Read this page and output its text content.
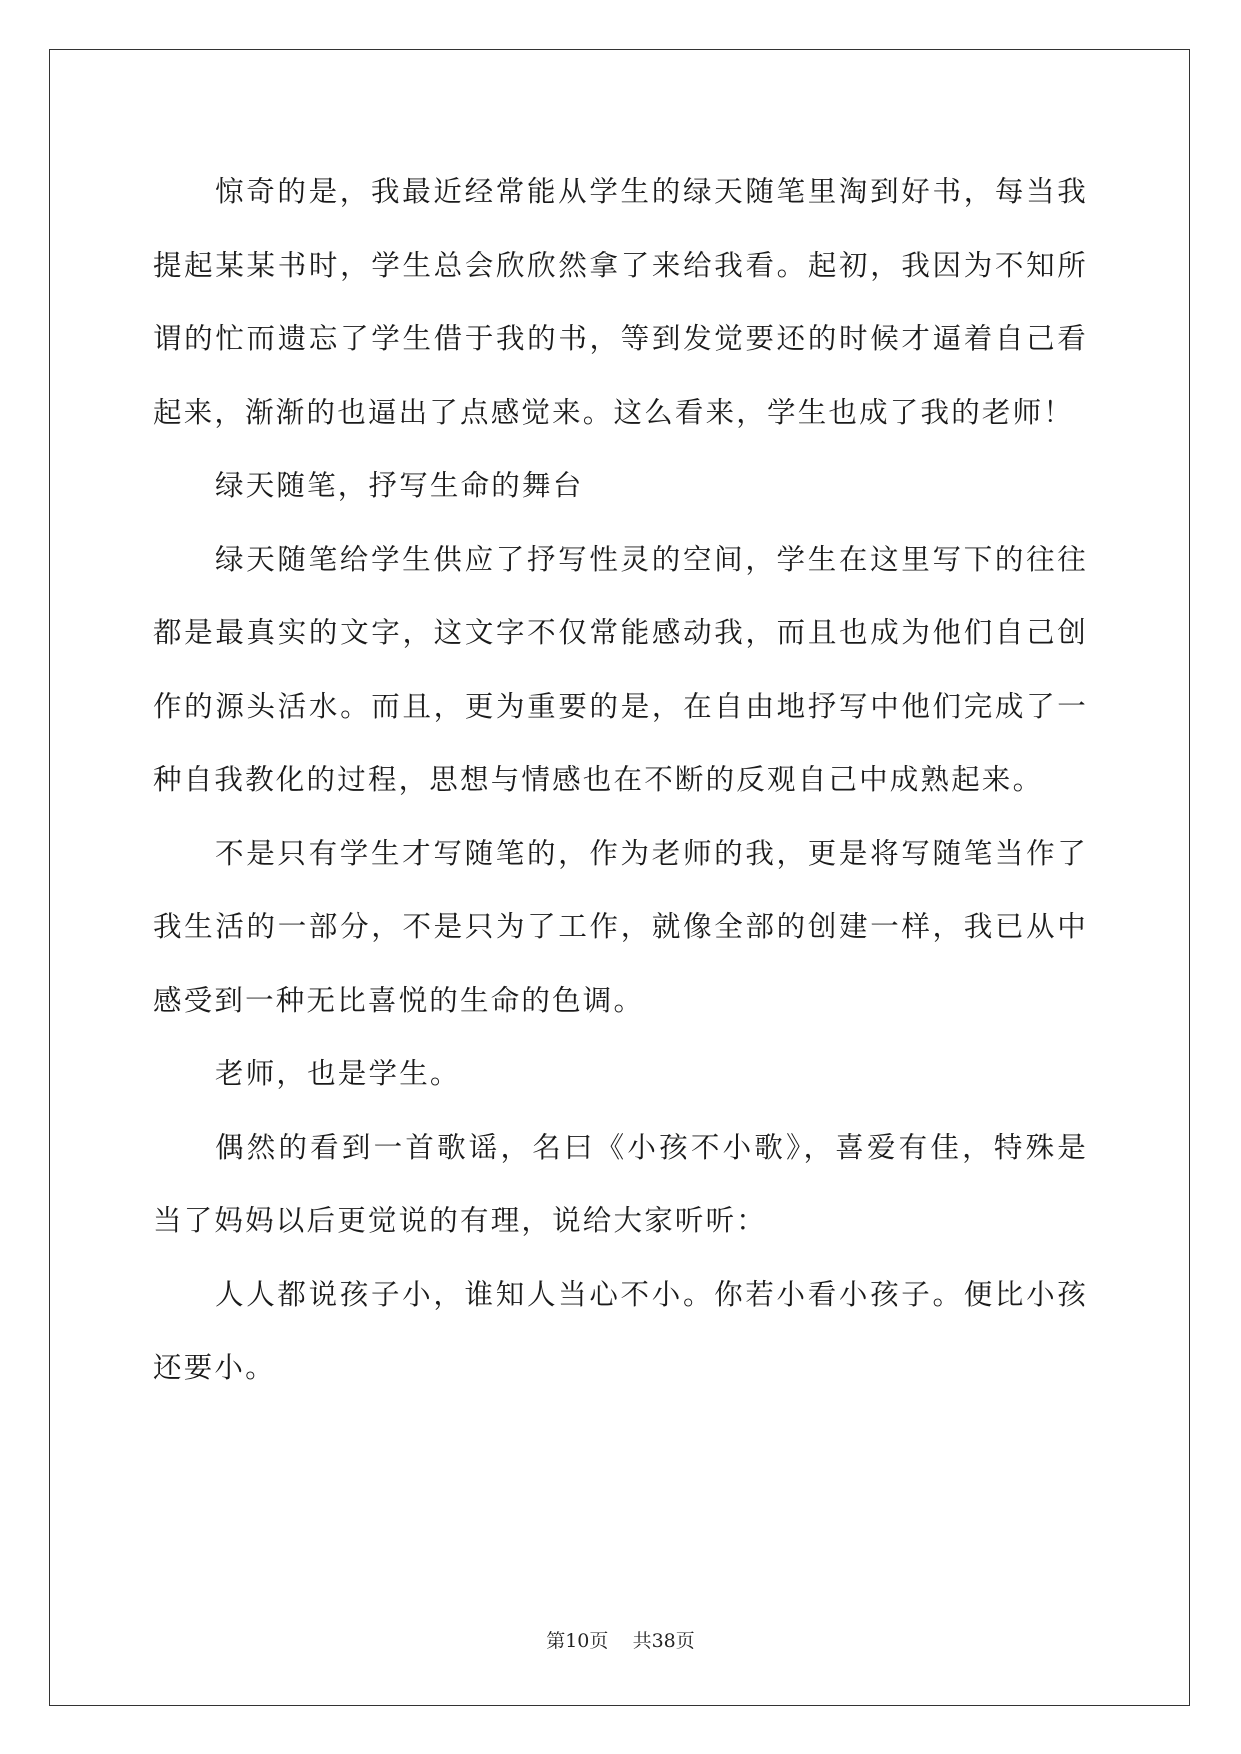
惊奇的是，我最近经常能从学生的绿天随笔里淘到好书，每当我提起某某书时，学生总会欣欣然拿了来给我看。起初，我因为不知所谓的忙而遗忘了学生借于我的书，等到发觉要还的时候才逼着自己看起来，渐渐的也逼出了点感觉来。这么看来，学生也成了我的老师！

绿天随笔，抒写生命的舞台

绿天随笔给学生供应了抒写性灵的空间，学生在这里写下的往往都是最真实的文字，这文字不仅常能感动我，而且也成为他们自己创作的源头活水。而且，更为重要的是，在自由地抒写中他们完成了一种自我教化的过程，思想与情感也在不断的反观自己中成熟起来。

不是只有学生才写随笔的，作为老师的我，更是将写随笔当作了我生活的一部分，不是只为了工作，就像全部的创建一样，我已从中感受到一种无比喜悦的生命的色调。

老师，也是学生。

偶然的看到一首歌谣，名曰《小孩不小歌》，喜爱有佳，特殊是当了妈妈以后更觉说的有理，说给大家听听：

人人都说孩子小，谁知人当心不小。你若小看小孩子。便比小孩还要小。

第10页 共38页
